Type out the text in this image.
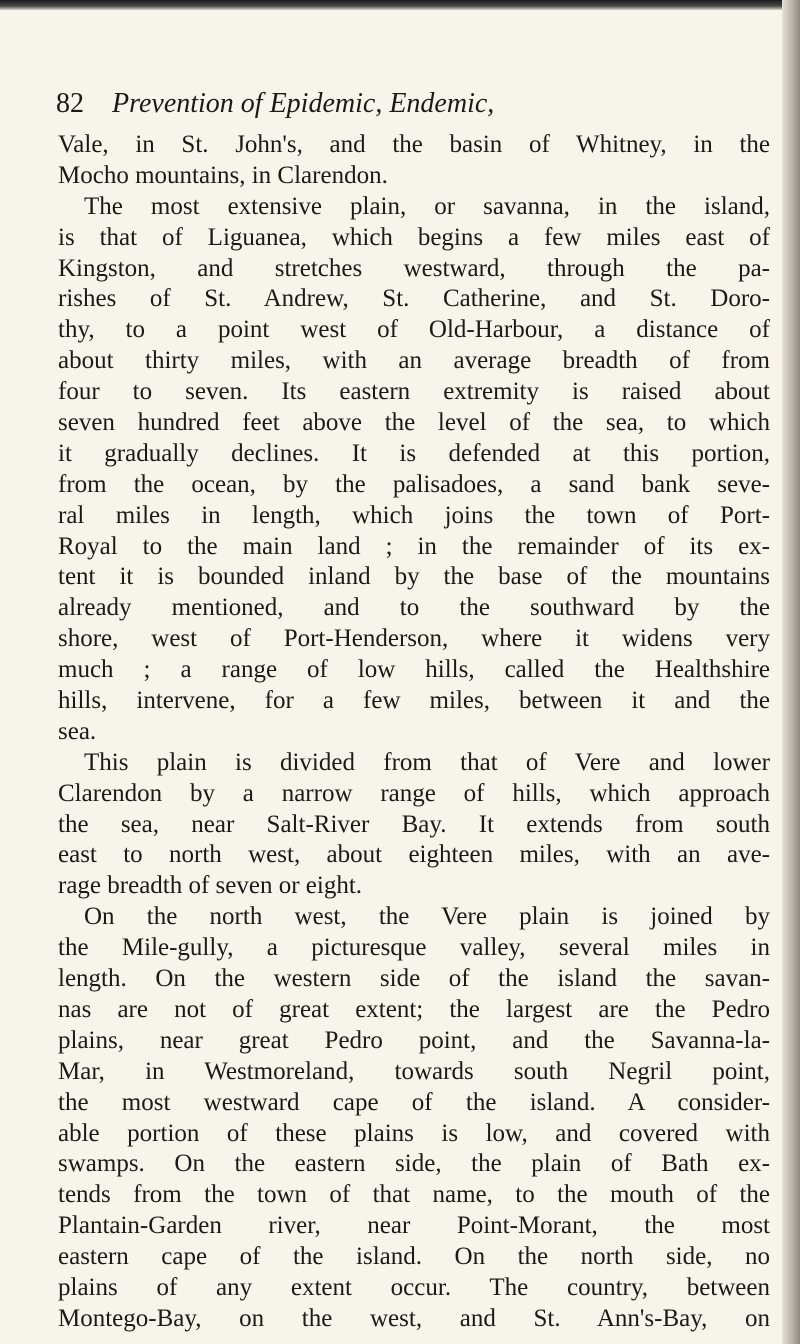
82 Prevention of Epidemic, Endemic,
Vale, in St. John's, and the basin of Whitney, in the
Mocho mountains, in Clarendon.
The most extensive plain, or savanna, in the island,
is that of Liguanea, which begins a few miles east of
Kingston, and stretches westward, through the pa-
rishes of St. Andrew, St. Catherine, and St. Doro-
thy, to a point west of Old-Harbour, a distance of
about thirty miles, with an average breadth of from
four to seven. Its eastern extremity is raised about
seven hundred feet above the level of the sea, to which
it gradually declines. It is defended at this portion,
from the ocean, by the palisadoes, a sand bank seve-
ral miles in length, which joins the town of Port-
Royal to the main land ; in the remainder of its ex-
tent it is bounded inland by the base of the mountains
already mentioned, and to the southward by the
shore, west of Port-Henderson, where it widens very
much ; a range of low hills, called the Healthshire
hills, intervene, for a few miles, between it and the
sea.
This plain is divided from that of Vere and lower
Clarendon by a narrow range of hills, which approach
the sea, near Salt-River Bay. It extends from south
east to north west, about eighteen miles, with an ave-
rage breadth of seven or eight.
On the north west, the Vere plain is joined by
the Mile-gully, a picturesque valley, several miles in
length. On the western side of the island the savan-
nas are not of great extent; the largest are the Pedro
plains, near great Pedro point, and the Savanna-la-
Mar, in Westmoreland, towards south Negril point,
the most westward cape of the island. A consider-
able portion of these plains is low, and covered with
swamps. On the eastern side, the plain of Bath ex-
tends from the town of that name, to the mouth of the
Plantain-Garden river, near Point-Morant, the most
eastern cape of the island. On the north side, no
plains of any extent occur. The country, between
Montego-Bay, on the west, and St. Ann's-Bay, on
